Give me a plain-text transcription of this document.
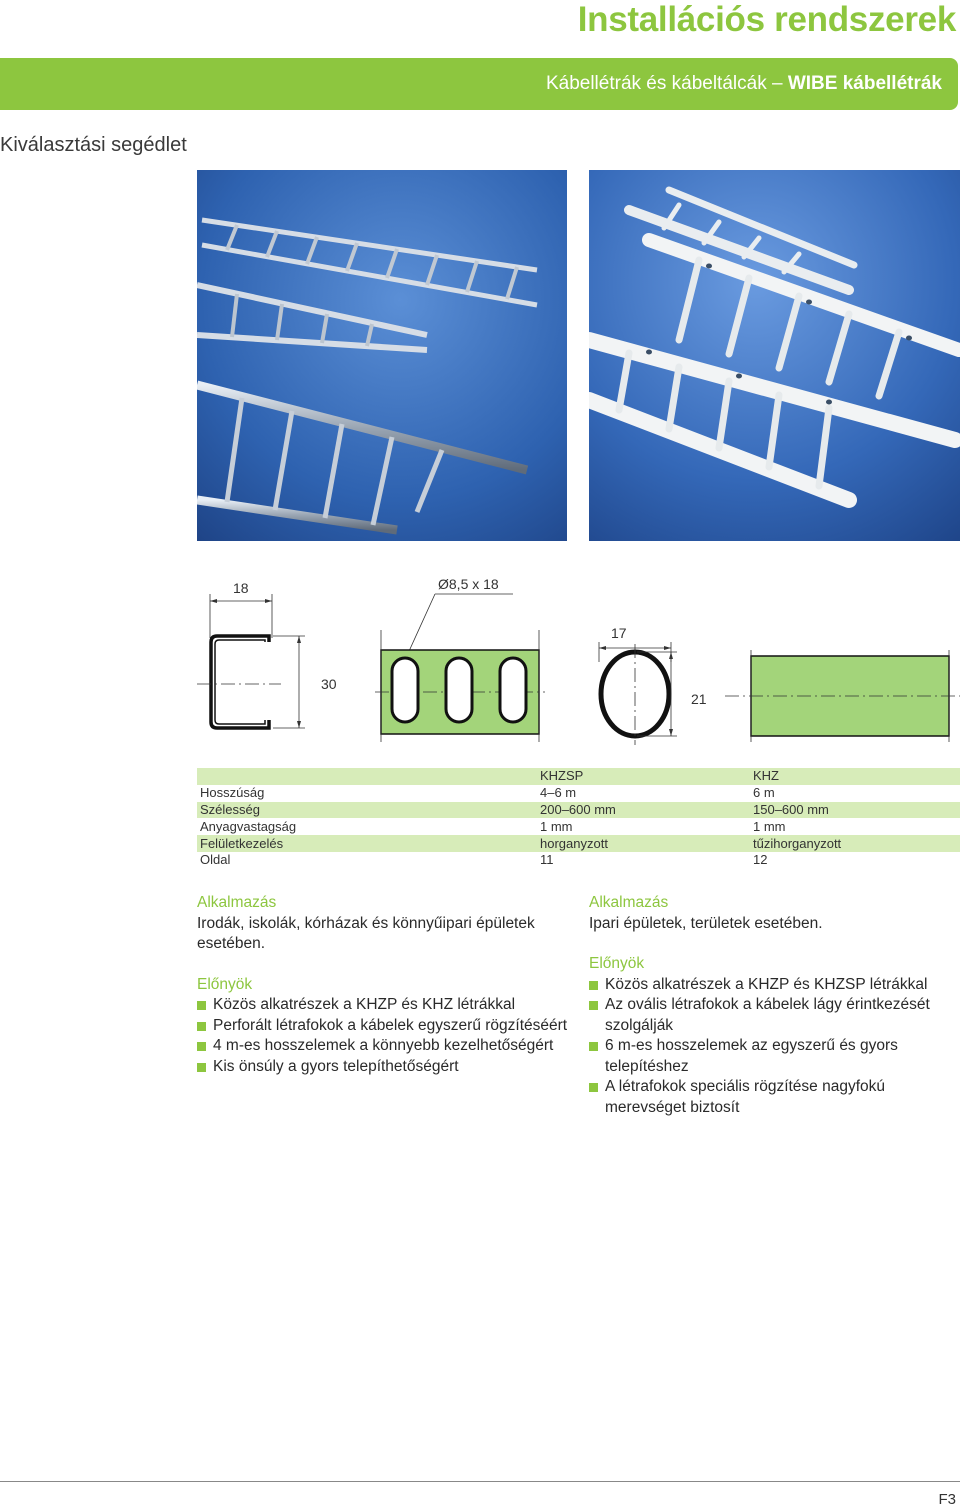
Installációs rendszerek
Kábellétrák és kábeltálcák – WIBE kábellétrák
Kiválasztási segédlet
18
30
Ø8,5 x 18
17
21
	KHZSP	KHZ
Hosszúság	4–6 m	6 m
Szélesség	200–600 mm	150–600 mm
Anyagvastagság	1 mm	1 mm
Felületkezelés	horganyzott	tűzihorganyzott
Oldal	11	12
Alkalmazás

Irodák, iskolák, kórházak és könnyűipari épületek esetében.

Előnyök
Közös alkatrészek a KHZP és KHZ létrákkal
Perforált létrafokok a kábelek egyszerű rögzítéséért
4 m-es hosszelemek a könnyebb kezelhetőségért
Kis önsúly a gyors telepíthetőségért
Alkalmazás

Ipari épületek, területek esetében.

Előnyök
Közös alkatrészek a KHZP és KHZSP létrákkal
Az ovális létrafokok a kábelek lágy érintkezését szolgálják
6 m-es hosszelemek az egyszerű és gyors telepítéshez
A létrafokok speciális rögzítése nagyfokú merevséget biztosít
F3
